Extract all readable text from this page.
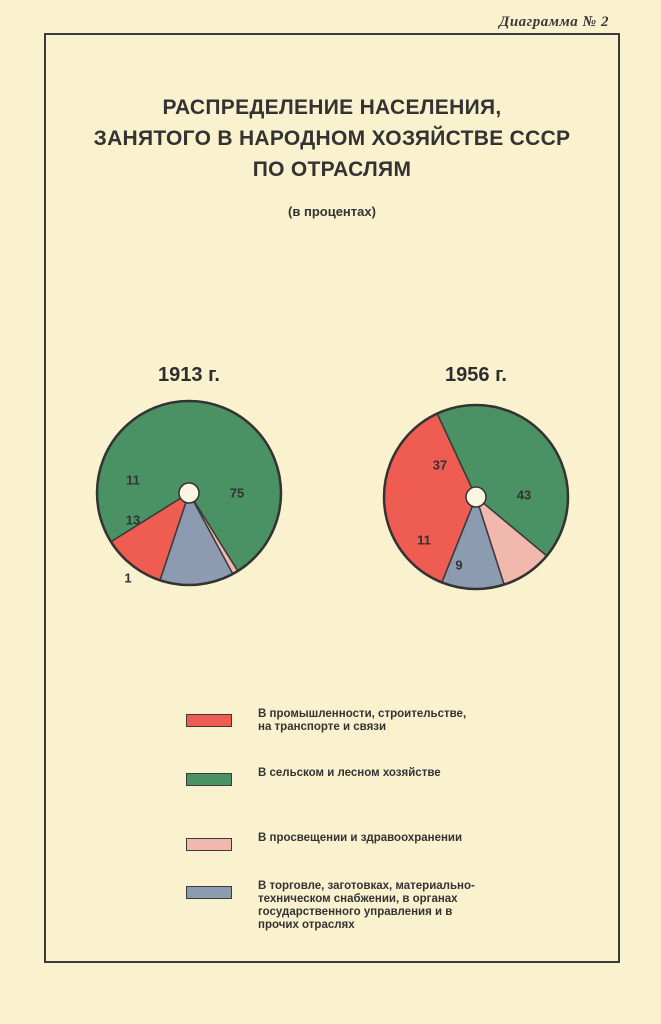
Диаграмма № 2
РАСПРЕДЕЛЕНИЕ НАСЕЛЕНИЯ,
ЗАНЯТОГО В НАРОДНОМ ХОЗЯЙСТВЕ СССР
ПО ОТРАСЛЯМ
(в процентах)
1913 г.
75
1
13
11
1956 г.
43
9
11
37
В промышленности, строительстве,
на транспорте и связи
В сельском и лесном хозяйстве
В просвещении и здравоохранении
В торговле, заготовках, материально-
техническом снабжении, в органах
государственного управления и в
прочих отраслях
